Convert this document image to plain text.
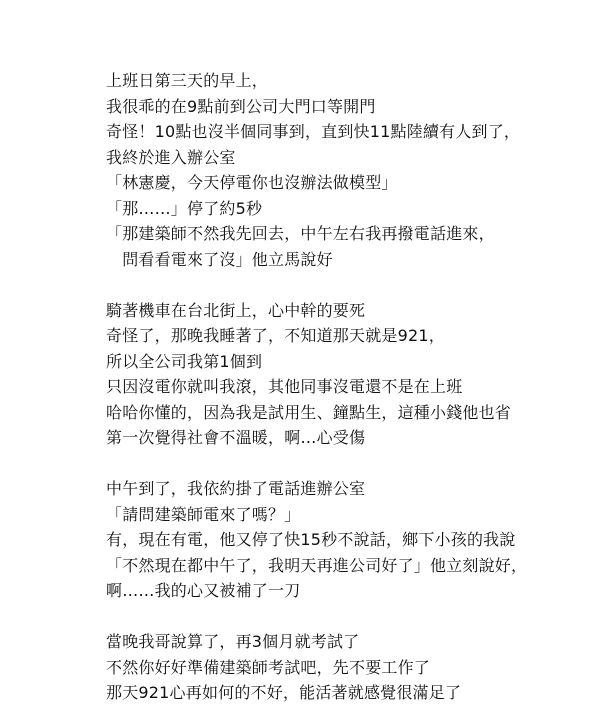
上班日第三天的早上，
我很乖的在9點前到公司大門口等開門
奇怪！10點也沒半個同事到，直到快11點陸續有人到了，
我終於進入辦公室
「林憲慶，今天停電你也沒辦法做模型」
「那……」停了約5秒
「那建築師不然我先回去，中午左右我再撥電話進來，
　問看看電來了沒」他立馬說好
騎著機車在台北街上，心中幹的要死
奇怪了，那晚我睡著了，不知道那天就是921，
所以全公司我第1個到
只因沒電你就叫我滾，其他同事沒電還不是在上班
哈哈你懂的，因為我是試用生、鐘點生，這種小錢他也省
第一次覺得社會不溫暖，啊…心受傷
中午到了，我依約掛了電話進辦公室
「請問建築師電來了嗎？」
有，現在有電，他又停了快15秒不說話，鄉下小孩的我說
「不然現在都中午了，我明天再進公司好了」他立刻說好，
啊……我的心又被補了一刀
當晚我哥說算了，再3個月就考試了
不然你好好準備建築師考試吧，先不要工作了
那天921心再如何的不好，能活著就感覺很滿足了
